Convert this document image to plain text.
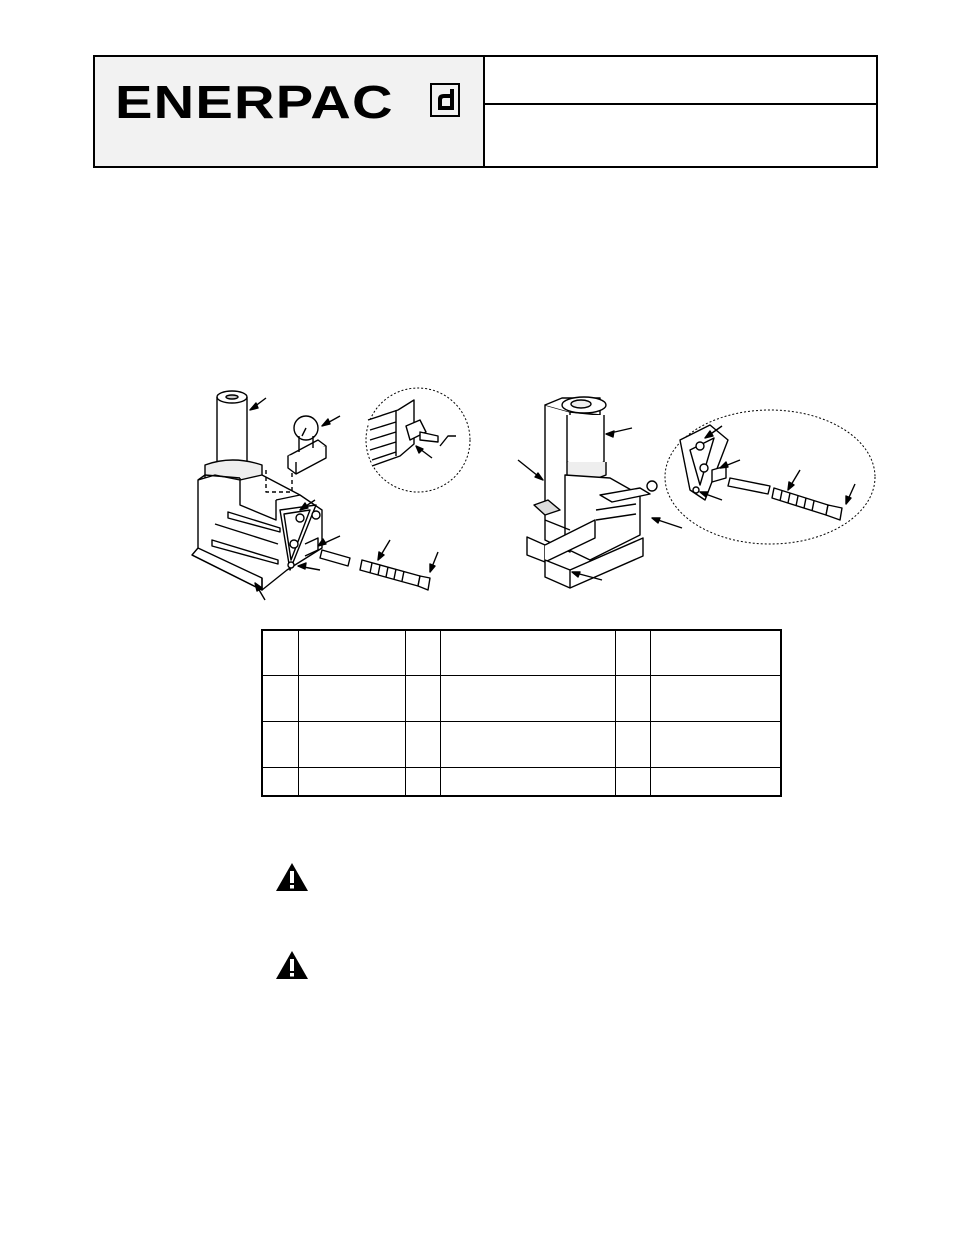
ENERPAC
